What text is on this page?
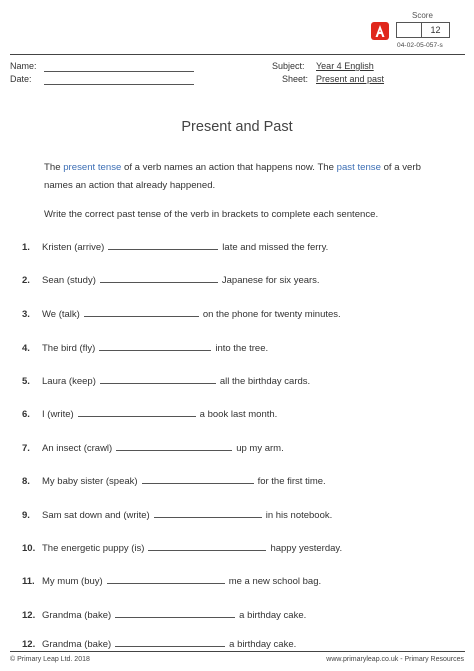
Score
12
04-02-05-057-s
Name:
Date:
Subject: Year 4 English
Sheet: Present and past
Present and Past
The present tense of a verb names an action that happens now. The past tense of a verb names an action that already happened.
Write the correct past tense of the verb in brackets to complete each sentence.
1. Kristen (arrive)	late and missed the ferry.
2. Sean (study)	Japanese for six years.
3. We (talk)	on the phone for twenty minutes.
4. The bird (fly)	into the tree.
5. Laura (keep)	all the birthday cards.
6. I (write)	a book last month.
7. An insect (crawl)	up my arm.
8. My baby sister (speak)	for the first time.
9. Sam sat down and (write)	in his notebook.
10. The energetic puppy (is)	happy yesterday.
11. My mum (buy)	me a new school bag.
12. Grandma (bake)	a birthday cake.
12. Grandma (bake)	a birthday cake.
© Primary Leap Ltd. 2018	www.primaryleap.co.uk - Primary Resources
